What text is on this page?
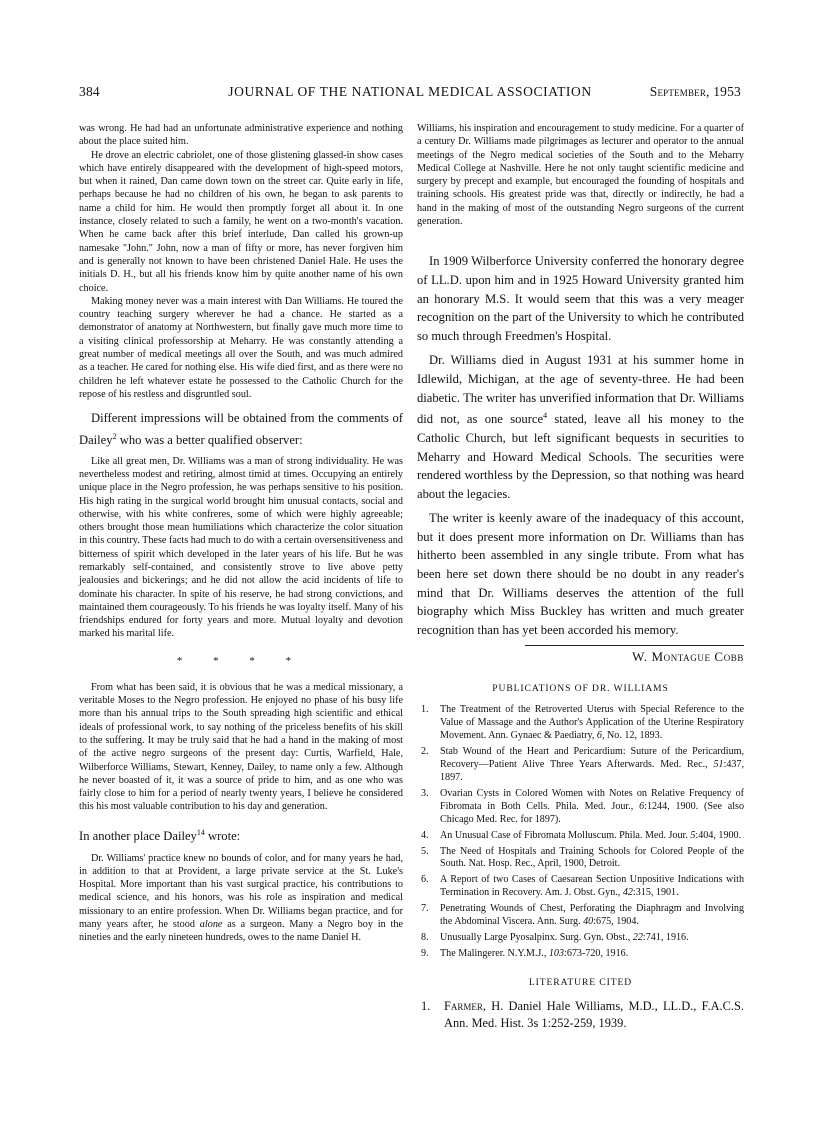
384	JOURNAL OF THE NATIONAL MEDICAL ASSOCIATION	September, 1953

was wrong. He had had an unfortunate administrative experience and nothing about the place suited him.

He drove an electric cabriolet, one of those glistening glassed-in show cases which have entirely disappeared with the development of high-speed motors, but when it rained, Dan came down town on the street car. Quite early in life, perhaps because he had no children of his own, he began to ask parents to name a child for him. He would then promptly forget all about it. In one instance, closely related to such a family, he went on a two-month's vacation. When he came back after this brief interlude, Dan called his grown-up namesake "John." John, now a man of fifty or more, has never forgiven him and is generally not known to have been christened Daniel Hale. He uses the initials D. H., but all his friends know him by quite another name of his own choice.

Making money never was a main interest with Dan Williams. He toured the country teaching surgery wherever he had a chance. He started as a demonstrator of anatomy at Northwestern, but finally gave much more time to a visiting clinical professorship at Meharry. He was constantly attending a great number of medical meetings all over the South, and was much admired as a teacher. He cared for nothing else. His wife died first, and as there were no children he left whatever estate he possessed to the Catholic Church for the repose of his restless and disgruntled soul.

Different impressions will be obtained from the comments of Dailey$^2$ who was a better qualified observer:

Like all great men, Dr. Williams was a man of strong individuality. He was nevertheless modest and retiring, almost timid at times. Occupying an entirely unique place in the Negro profession, he was perhaps sensitive to his position. His high rating in the surgical world brought him unusual contacts, social and otherwise, with his white confreres, some of which were highly agreeable; others brought those mean humiliations which characterize the color situation in this country. These facts had much to do with a certain oversensitiveness and bitterness of spirit which developed in the later years of his life. But he was remarkably self-contained, and consistently strove to live above petty jealousies and bickerings; and he did not allow the acid incidents of life to dominate his character. In spite of his reserve, he had strong convictions, and maintained them courageously. To his friends he was loyalty itself. Many of his friendships endured for forty years and more. Mutual loyalty and devotion marked his marital life.

* * * *

From what has been said, it is obvious that he was a medical missionary, a veritable Moses to the Negro profession. He enjoyed no phase of his busy life more than his annual trips to the South spreading high scientific and ethical ideals of professional work, to say nothing of the priceless benefits of his skill to the suffering. It may be truly said that he had a hand in the making of most of the active negro surgeons of the present day: Curtis, Warfield, Hale, Wilberforce Williams, Stewart, Kenney, Dailey, to name only a few. Although he never boasted of it, it was a source of pride to him, and as one who was fairly close to him for a period of nearly twenty years, I believe he considered this his most valuable contribution to his day and generation.

In another place Dailey$^{14}$ wrote:

Dr. Williams' practice knew no bounds of color, and for many years he had, in addition to that at Provident, a large private service at the St. Luke's Hospital. More important than his vast surgical practice, his contributions to medical science, and his honors, was his role as inspiration and medical missionary to an entire profession. When Dr. Williams began practice, and for many years after, he stood alone as a surgeon. Many a Negro boy in the nineties and the early nineteen hundreds, owes to the name Daniel H.

Williams, his inspiration and encouragement to study medicine. For a quarter of a century Dr. Williams made pilgrimages as lecturer and operator to the annual meetings of the Negro medical societies of the South and to the Meharry Medical College at Nashville. Here he not only taught scientific medicine and surgery by precept and example, but encouraged the founding of hospitals and training schools. His greatest pride was that, directly or indirectly, he had a hand in the making of most of the outstanding Negro surgeons of the current generation.

In 1909 Wilberforce University conferred the honorary degree of LL.D. upon him and in 1925 Howard University granted him an honorary M.S. It would seem that this was a very meager recognition on the part of the University to which he contributed so much through Freedmen's Hospital.

Dr. Williams died in August 1931 at his summer home in Idlewild, Michigan, at the age of seventy-three. He had been diabetic. The writer has unverified information that Dr. Williams did not, as one source$^4$ stated, leave all his money to the Catholic Church, but left significant bequests in securities to Meharry and Howard Medical Schools. The securities were rendered worthless by the Depression, so that nothing was heard about the legacies.

The writer is keenly aware of the inadequacy of this account, but it does present more information on Dr. Williams than has hitherto been assembled in any single tribute. From what has been here set down there should be no doubt in any reader's mind that Dr. Williams deserves the attention of the full biography which Miss Buckley has written and much greater recognition than has yet been accorded his memory.

W. Montague Cobb
PUBLICATIONS OF DR. WILLIAMS
1.	The Treatment of the Retroverted Uterus with Special Reference to the Value of Massage and the Author's Application of the Uterine Respiratory Movement. Ann. Gynaec & Paediatry, 6, No. 12, 1893.
2.	Stab Wound of the Heart and Pericardium: Suture of the Pericardium, Recovery—Patient Alive Three Years Afterwards. Med. Rec., 51:437, 1897.
3.	Ovarian Cysts in Colored Women with Notes on Relative Frequency of Fibromata in Both Cells. Phila. Med. Jour., 6:1244, 1900. (See also Chicago Med. Rec. for 1897).
4.	An Unusual Case of Fibromata Molluscum. Phila. Med. Jour. 5:404, 1900.
5.	The Need of Hospitals and Training Schools for Colored People of the South. Nat. Hosp. Rec., April, 1900, Detroit.
6.	A Report of two Cases of Caesarean Section Unpositive Indications with Termination in Recovery. Am. J. Obst. Gyn., 42:315, 1901.
7.	Penetrating Wounds of Chest, Perforating the Diaphragm and Involving the Abdominal Viscera. Ann. Surg. 40:675, 1904.
8.	Unusually Large Pyosalpinx. Surg. Gyn. Obst., 22:741, 1916.
9.	The Malingerer. N.Y.M.J., 103:673-720, 1916.
LITERATURE CITED
1.	Farmer, H. Daniel Hale Williams, M.D., LL.D., F.A.C.S. Ann. Med. Hist. 3s 1:252-259, 1939.
